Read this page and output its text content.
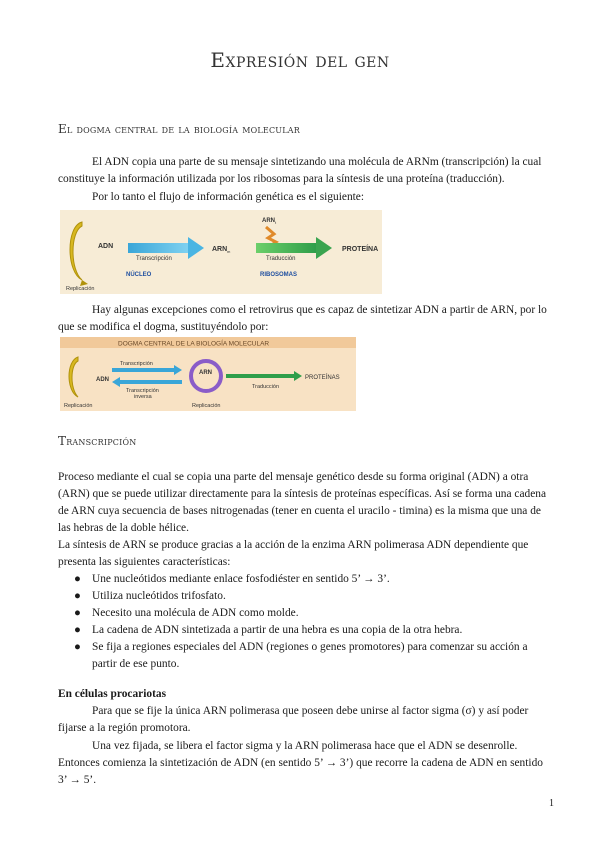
Expresión del gen
El dogma central de la biología molecular
El ADN copia una parte de su mensaje sintetizando una molécula de ARNm (transcripción) la cual constituye la información utilizada por los ribosomas para la síntesis de una proteína (traducción).
Por lo tanto el flujo de información genética es el siguiente:
ADN
Transcripción
ARN m
ARN t
Traducción
PROTEÍNA
Replicación
NÚCLEO	RIBOSOMAS
Hay algunas excepciones como el retrovirus que es capaz de sintetizar ADN a partir de ARN, por lo que se modifica el dogma, sustituyéndolo por:
DOGMA CENTRAL DE LA BIOLOGÍA MOLECULAR
ADN
Transcripción
Transcripción
inversa
ARN
Traducción
PROTEÍNAS
Replicación	Replicación
Transcripción
Proceso mediante el cual se copia una parte del mensaje genético desde su forma original (ADN) a otra (ARN) que se puede utilizar directamente para la síntesis de proteínas específicas. Así se forma una cadena de ARN cuya secuencia de bases nitrogenadas (tener en cuenta el uracilo - timina) es la misma que una de las hebras de la doble hélice.
La síntesis de ARN se produce gracias a la acción de la enzima ARN polimerasa ADN dependiente que presenta las siguientes características:
● Une nucleótidos mediante enlace fosfodiéster en sentido 5’ → 3’.
● Utiliza nucleótidos trifosfato.
● Necesito una molécula de ADN como molde.
● La cadena de ADN sintetizada a partir de una hebra es una copia de la otra hebra.
● Se fija a regiones especiales del ADN (regiones o genes promotores) para comenzar su acción a partir de ese punto.
En células procariotas
Para que se fije la única ARN polimerasa que poseen debe unirse al factor sigma (σ) y así poder fijarse a la región promotora.
Una vez fijada, se libera el factor sigma y la ARN polimerasa hace que el ADN se desenrolle. Entonces comienza la sintetización de ADN (en sentido 5’ → 3’) que recorre la cadena de ADN en sentido 3’ → 5’.
1
